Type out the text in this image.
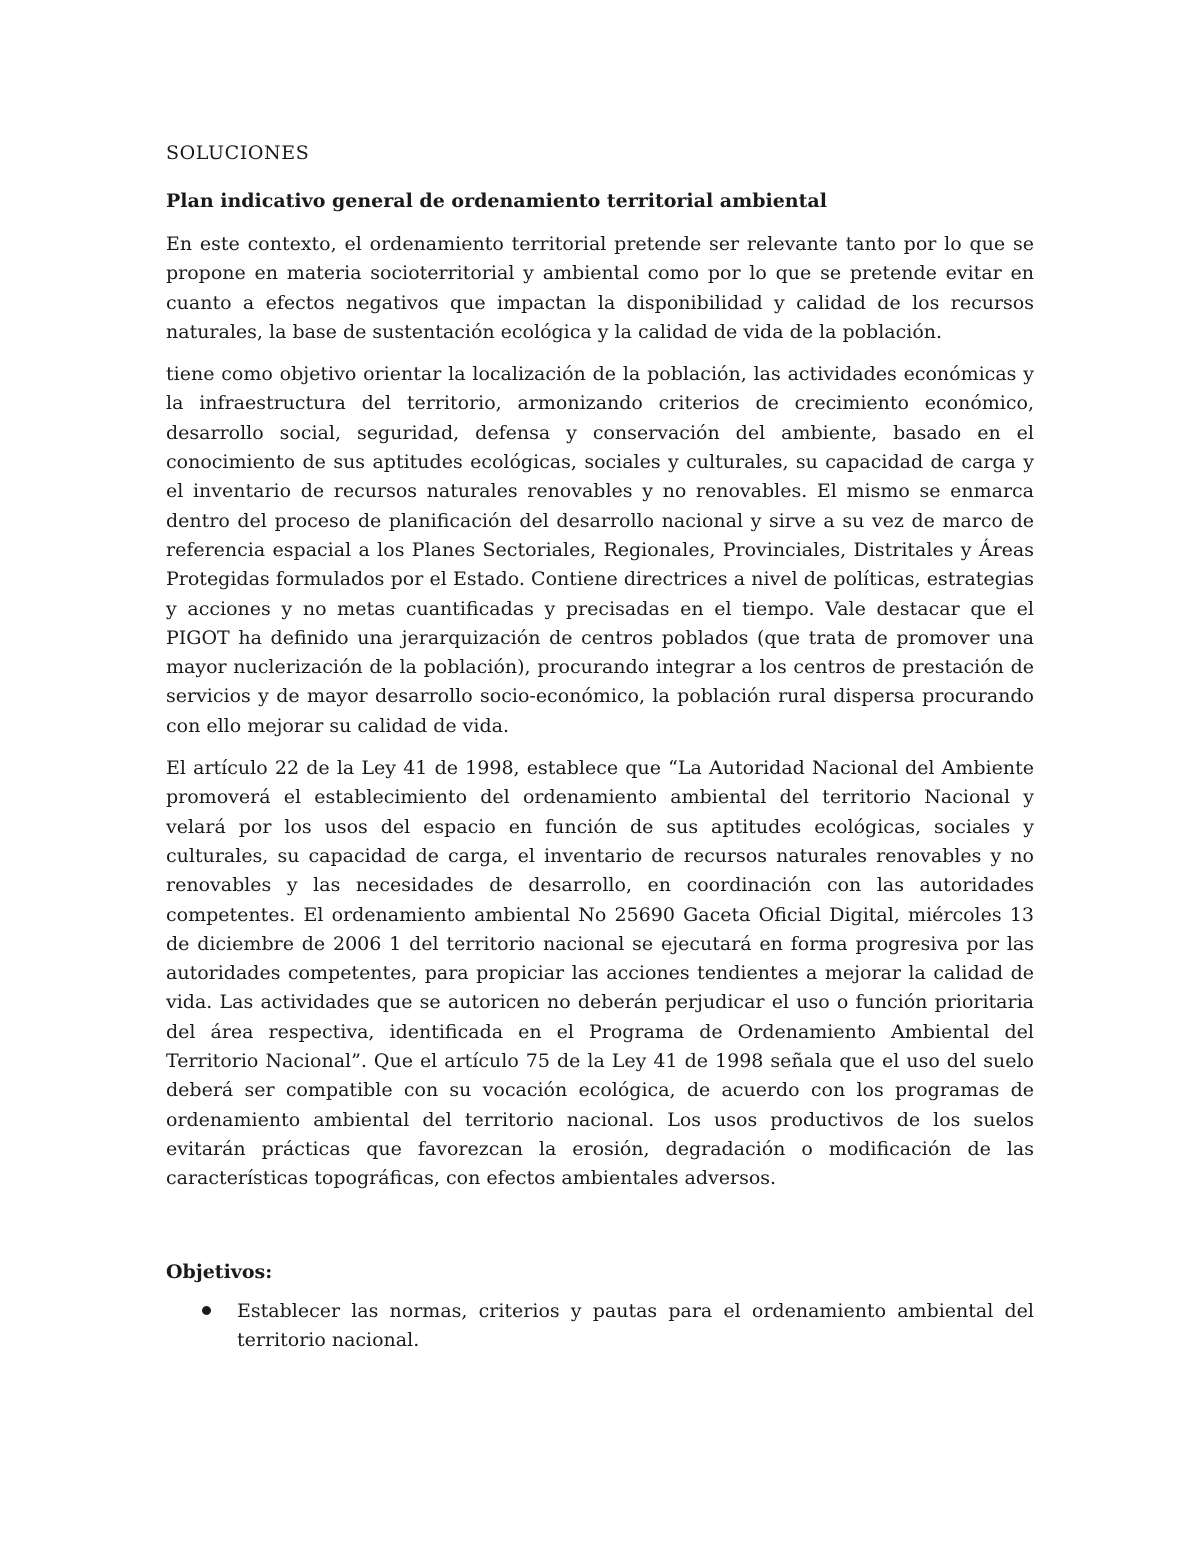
SOLUCIONES
Plan indicativo general de ordenamiento territorial ambiental

En este contexto, el ordenamiento territorial pretende ser relevante tanto por lo que se propone en materia socioterritorial y ambiental como por lo que se pretende evitar en cuanto a efectos negativos que impactan la disponibilidad y calidad de los recursos naturales, la base de sustentación ecológica y la calidad de vida de la población.

tiene como objetivo orientar la localización de la población, las actividades económicas y la infraestructura del territorio, armonizando criterios de crecimiento económico, desarrollo social, seguridad, defensa y conservación del ambiente, basado en el conocimiento de sus aptitudes ecológicas, sociales y culturales, su capacidad de carga y el inventario de recursos naturales renovables y no renovables. El mismo se enmarca dentro del proceso de planificación del desarrollo nacional y sirve a su vez de marco de referencia espacial a los Planes Sectoriales, Regionales, Provinciales, Distritales y Áreas Protegidas formulados por el Estado. Contiene directrices a nivel de políticas, estrategias y acciones y no metas cuantificadas y precisadas en el tiempo. Vale destacar que el PIGOT ha definido una jerarquización de centros poblados (que trata de promover una mayor nuclerización de la población), procurando integrar a los centros de prestación de servicios y de mayor desarrollo socio-económico, la población rural dispersa procurando con ello mejorar su calidad de vida.

El artículo 22 de la Ley 41 de 1998, establece que “La Autoridad Nacional del Ambiente promoverá el establecimiento del ordenamiento ambiental del territorio Nacional y velará por los usos del espacio en función de sus aptitudes ecológicas, sociales y culturales, su capacidad de carga, el inventario de recursos naturales renovables y no renovables y las necesidades de desarrollo, en coordinación con las autoridades competentes. El ordenamiento ambiental No 25690 Gaceta Oficial Digital, miércoles 13 de diciembre de 2006 1 del territorio nacional se ejecutará en forma progresiva por las autoridades competentes, para propiciar las acciones tendientes a mejorar la calidad de vida. Las actividades que se autoricen no deberán perjudicar el uso o función prioritaria del área respectiva, identificada en el Programa de Ordenamiento Ambiental del Territorio Nacional”. Que el artículo 75 de la Ley 41 de 1998 señala que el uso del suelo deberá ser compatible con su vocación ecológica, de acuerdo con los programas de ordenamiento ambiental del territorio nacional. Los usos productivos de los suelos evitarán prácticas que favorezcan la erosión, degradación o modificación de las características topográficas, con efectos ambientales adversos.

Objetivos:
Establecer las normas, criterios y pautas para el ordenamiento ambiental del territorio nacional.
